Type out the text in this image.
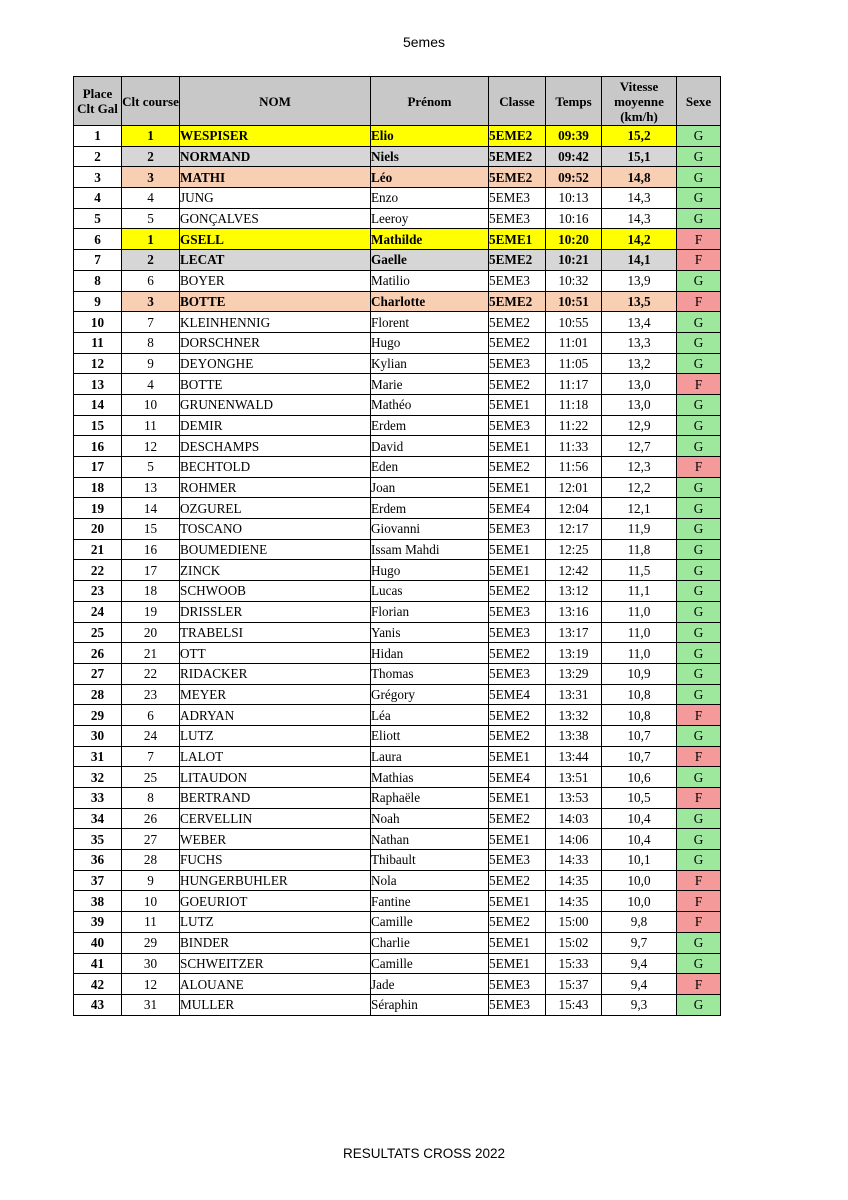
5emes
Place Clt Gal	Clt course	NOM	Prénom	Classe	Temps	Vitesse moyenne (km/h)	Sexe
1	1	WESPISER	Elio	5EME2	09:39	15,2	G
2	2	NORMAND	Niels	5EME2	09:42	15,1	G
3	3	MATHI	Léo	5EME2	09:52	14,8	G
4	4	JUNG	Enzo	5EME3	10:13	14,3	G
5	5	GONÇALVES	Leeroy	5EME3	10:16	14,3	G
6	1	GSELL	Mathilde	5EME1	10:20	14,2	F
7	2	LECAT	Gaelle	5EME2	10:21	14,1	F
8	6	BOYER	Matilio	5EME3	10:32	13,9	G
9	3	BOTTE	Charlotte	5EME2	10:51	13,5	F
10	7	KLEINHENNIG	Florent	5EME2	10:55	13,4	G
11	8	DORSCHNER	Hugo	5EME2	11:01	13,3	G
12	9	DEYONGHE	Kylian	5EME3	11:05	13,2	G
13	4	BOTTE	Marie	5EME2	11:17	13,0	F
14	10	GRUNENWALD	Mathéo	5EME1	11:18	13,0	G
15	11	DEMIR	Erdem	5EME3	11:22	12,9	G
16	12	DESCHAMPS	David	5EME1	11:33	12,7	G
17	5	BECHTOLD	Eden	5EME2	11:56	12,3	F
18	13	ROHMER	Joan	5EME1	12:01	12,2	G
19	14	OZGUREL	Erdem	5EME4	12:04	12,1	G
20	15	TOSCANO	Giovanni	5EME3	12:17	11,9	G
21	16	BOUMEDIENE	Issam Mahdi	5EME1	12:25	11,8	G
22	17	ZINCK	Hugo	5EME1	12:42	11,5	G
23	18	SCHWOOB	Lucas	5EME2	13:12	11,1	G
24	19	DRISSLER	Florian	5EME3	13:16	11,0	G
25	20	TRABELSI	Yanis	5EME3	13:17	11,0	G
26	21	OTT	Hidan	5EME2	13:19	11,0	G
27	22	RIDACKER	Thomas	5EME3	13:29	10,9	G
28	23	MEYER	Grégory	5EME4	13:31	10,8	G
29	6	ADRYAN	Léa	5EME2	13:32	10,8	F
30	24	LUTZ	Eliott	5EME2	13:38	10,7	G
31	7	LALOT	Laura	5EME1	13:44	10,7	F
32	25	LITAUDON	Mathias	5EME4	13:51	10,6	G
33	8	BERTRAND	Raphaële	5EME1	13:53	10,5	F
34	26	CERVELLIN	Noah	5EME2	14:03	10,4	G
35	27	WEBER	Nathan	5EME1	14:06	10,4	G
36	28	FUCHS	Thibault	5EME3	14:33	10,1	G
37	9	HUNGERBUHLER	Nola	5EME2	14:35	10,0	F
38	10	GOEURIOT	Fantine	5EME1	14:35	10,0	F
39	11	LUTZ	Camille	5EME2	15:00	9,8	F
40	29	BINDER	Charlie	5EME1	15:02	9,7	G
41	30	SCHWEITZER	Camille	5EME1	15:33	9,4	G
42	12	ALOUANE	Jade	5EME3	15:37	9,4	F
43	31	MULLER	Séraphin	5EME3	15:43	9,3	G
RESULTATS CROSS 2022
